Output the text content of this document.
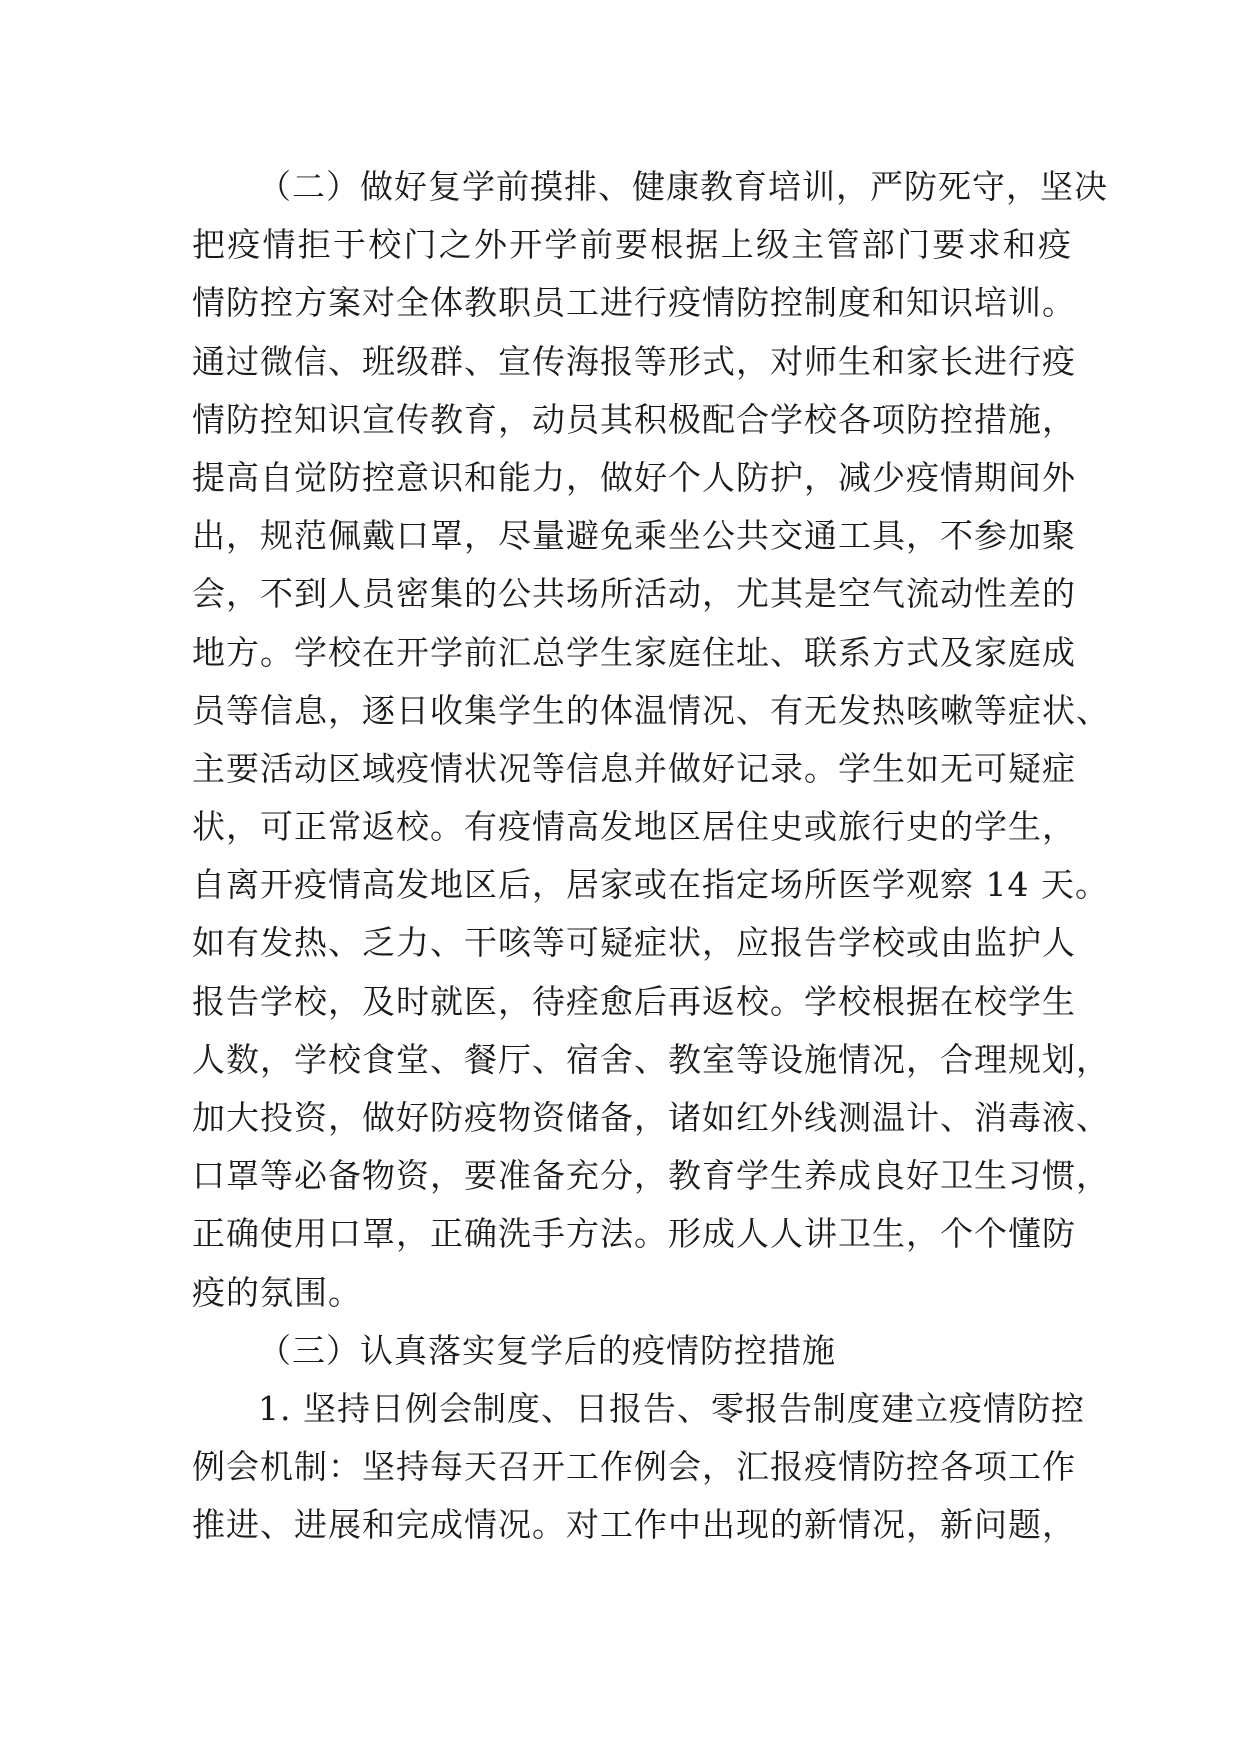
（二）做好复学前摸排、健康教育培训，严防死守，坚决
把疫情拒于校门之外开学前要根据上级主管部门要求和疫
情防控方案对全体教职员工进行疫情防控制度和知识培训。
通过微信、班级群、宣传海报等形式，对师生和家长进行疫
情防控知识宣传教育，动员其积极配合学校各项防控措施，
提高自觉防控意识和能力，做好个人防护，减少疫情期间外
出，规范佩戴口罩，尽量避免乘坐公共交通工具，不参加聚
会，不到人员密集的公共场所活动，尤其是空气流动性差的
地方。学校在开学前汇总学生家庭住址、联系方式及家庭成
员等信息，逐日收集学生的体温情况、有无发热咳嗽等症状、
主要活动区域疫情状况等信息并做好记录。学生如无可疑症
状，可正常返校。有疫情高发地区居住史或旅行史的学生，
自离开疫情高发地区后，居家或在指定场所医学观察 14 天。
如有发热、乏力、干咳等可疑症状，应报告学校或由监护人
报告学校，及时就医，待痊愈后再返校。学校根据在校学生
人数，学校食堂、餐厅、宿舍、教室等设施情况，合理规划，
加大投资，做好防疫物资储备，诸如红外线测温计、消毒液、
口罩等必备物资，要准备充分，教育学生养成良好卫生习惯，
正确使用口罩，正确洗手方法。形成人人讲卫生，个个懂防
疫的氛围。
（三）认真落实复学后的疫情防控措施
1. 坚持日例会制度、日报告、零报告制度建立疫情防控
例会机制：坚持每天召开工作例会，汇报疫情防控各项工作
推进、进展和完成情况。对工作中出现的新情况，新问题，
